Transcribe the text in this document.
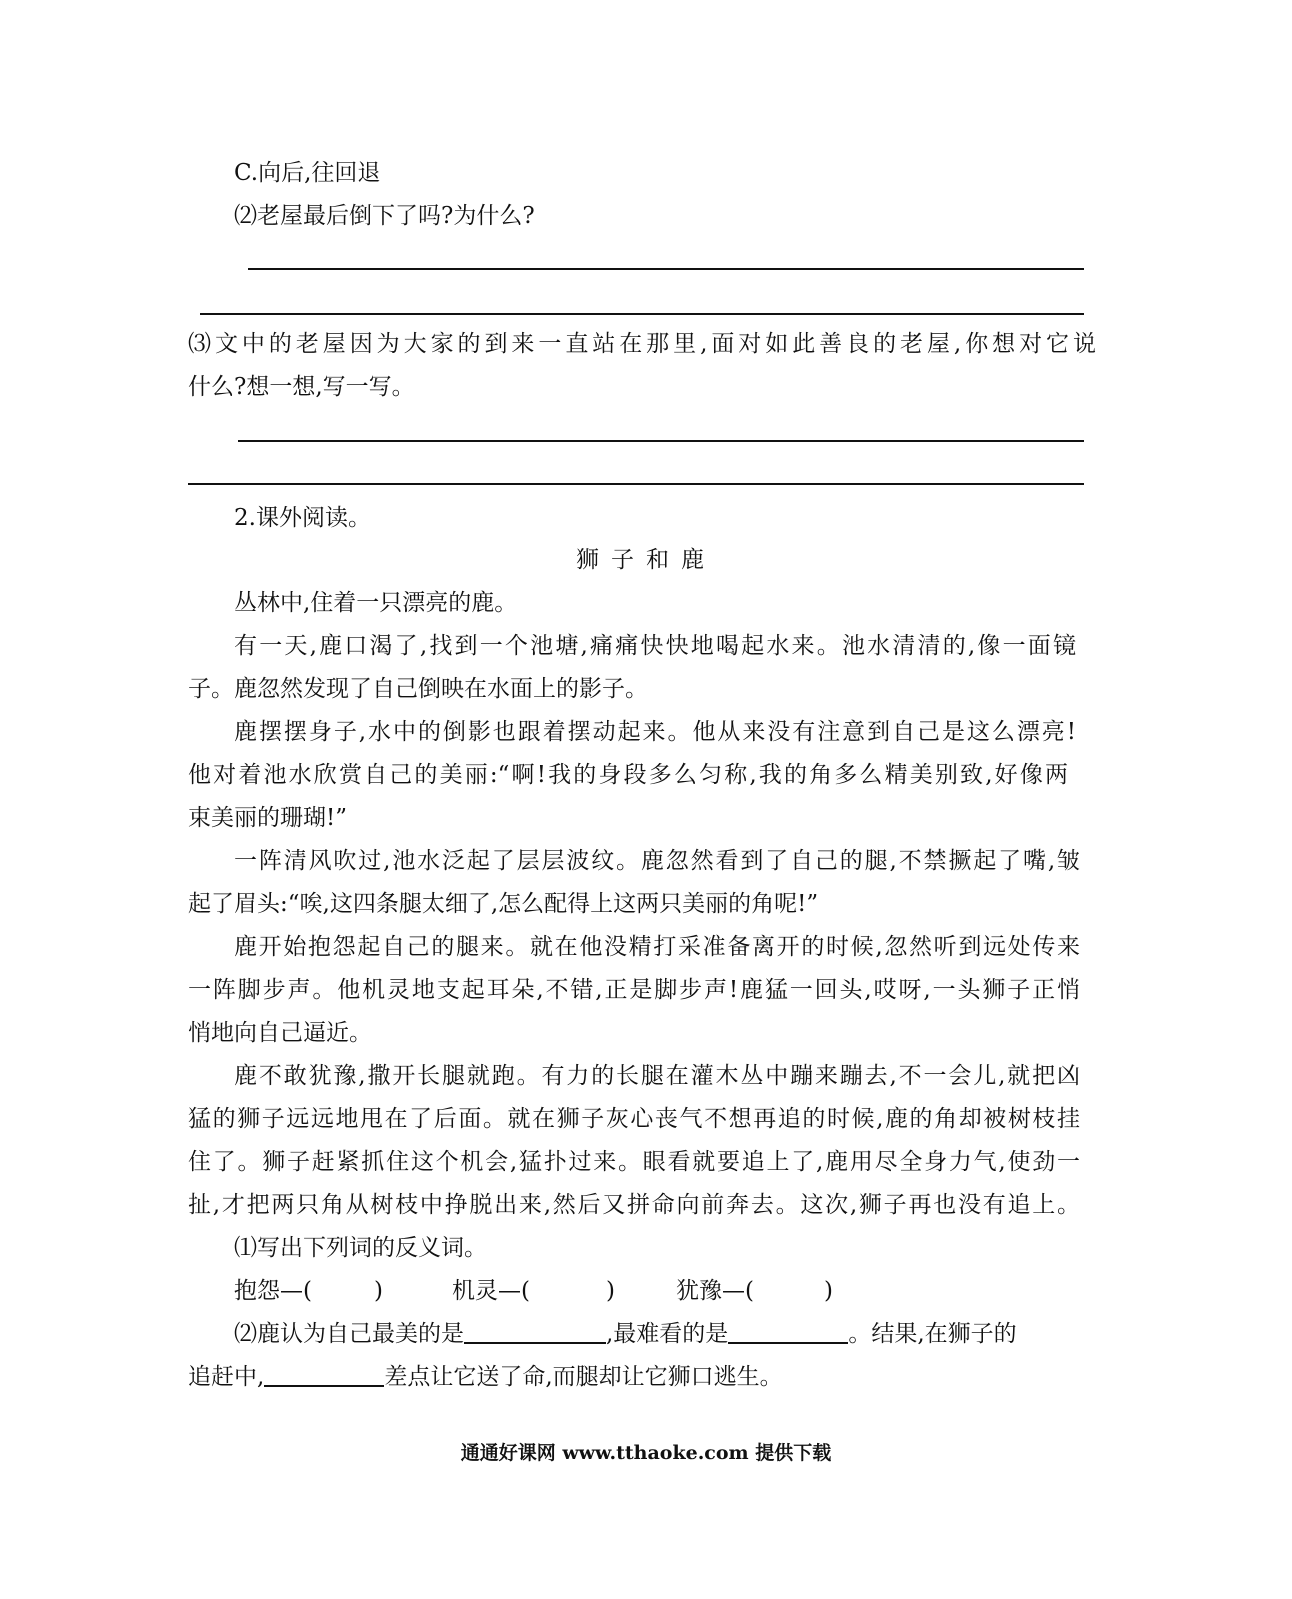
C.向后,往回退
⑵老屋最后倒下了吗?为什么?
⑶文中的老屋因为大家的到来一直站在那里,面对如此善良的老屋,你想对它说
什么?想一想,写一写。
2.课外阅读。
狮子和鹿
丛林中,住着一只漂亮的鹿。
有一天,鹿口渴了,找到一个池塘,痛痛快快地喝起水来。池水清清的,像一面镜
子。鹿忽然发现了自己倒映在水面上的影子。
鹿摆摆身子,水中的倒影也跟着摆动起来。他从来没有注意到自己是这么漂亮!
他对着池水欣赏自己的美丽:“啊!我的身段多么匀称,我的角多么精美别致,好像两
束美丽的珊瑚!”
一阵清风吹过,池水泛起了层层波纹。鹿忽然看到了自己的腿,不禁撅起了嘴,皱
起了眉头:“唉,这四条腿太细了,怎么配得上这两只美丽的角呢!”
鹿开始抱怨起自己的腿来。就在他没精打采准备离开的时候,忽然听到远处传来
一阵脚步声。他机灵地支起耳朵,不错,正是脚步声!鹿猛一回头,哎呀,一头狮子正悄
悄地向自己逼近。
鹿不敢犹豫,撒开长腿就跑。有力的长腿在灌木丛中蹦来蹦去,不一会儿,就把凶
猛的狮子远远地甩在了后面。就在狮子灰心丧气不想再追的时候,鹿的角却被树枝挂
住了。狮子赶紧抓住这个机会,猛扑过来。眼看就要追上了,鹿用尽全身力气,使劲一
扯,才把两只角从树枝中挣脱出来,然后又拼命向前奔去。这次,狮子再也没有追上。
⑴写出下列词的反义词。
抱怨—(	)	机灵—(	)	犹豫—(	)
⑵鹿认为自己最美的是	,最难看的是	。结果,在狮子的
追赶中,	差点让它送了命,而腿却让它狮口逃生。
通通好课网 www.tthaoke.com 提供下载
